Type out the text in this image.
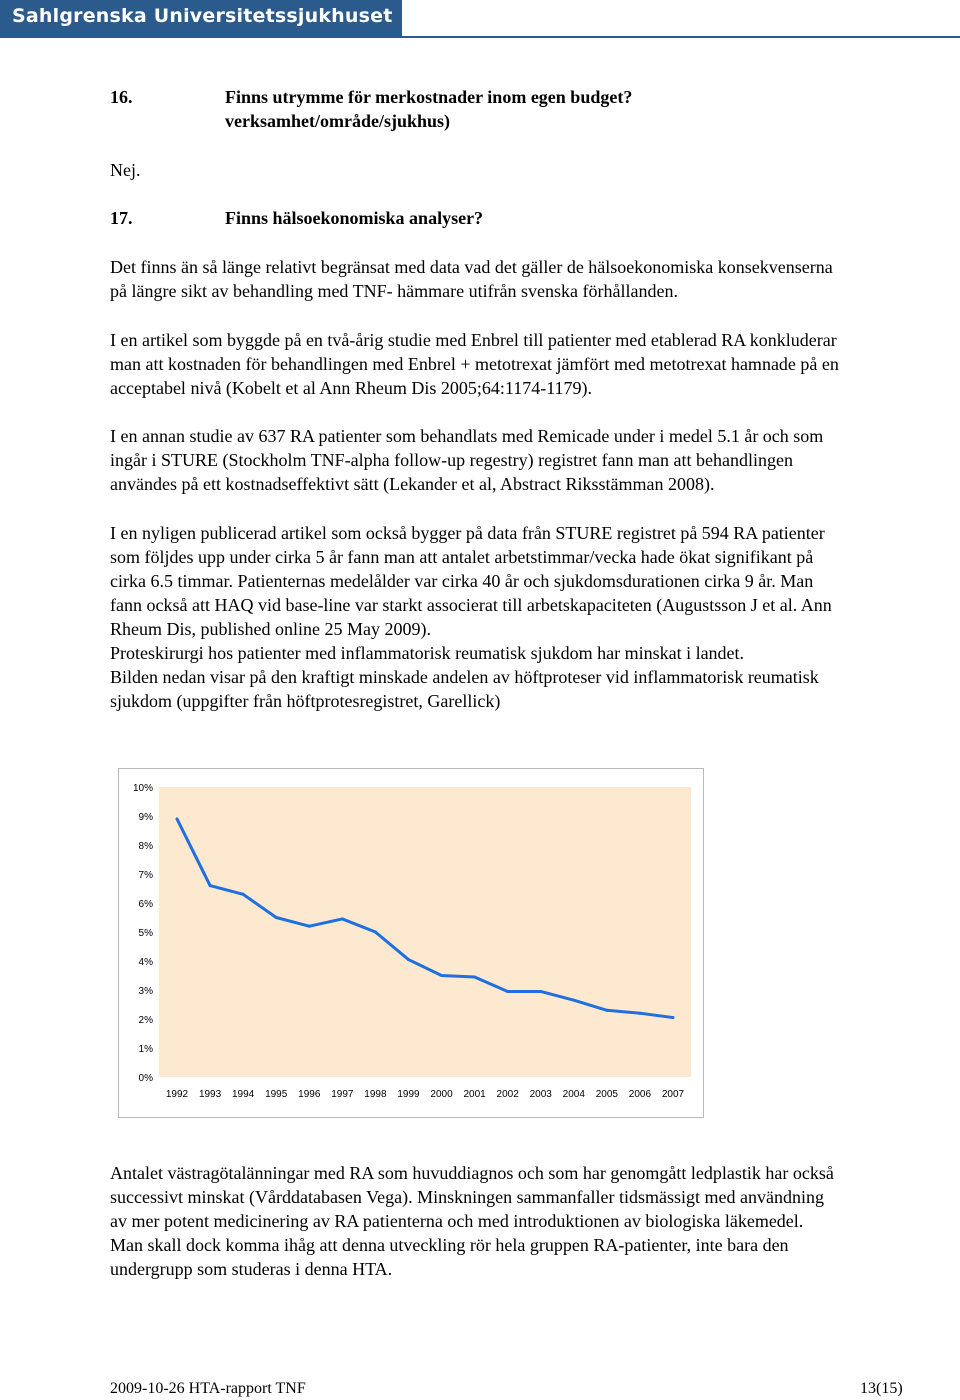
Sahlgrenska Universitetssjukhuset
16.	Finns utrymme för merkostnader inom egen budget?
verksamhet/område/sjukhus)
Nej.
17.	Finns hälsoekonomiska analyser?
Det finns än så länge relativt begränsat med data vad det gäller de hälsoekonomiska konsekvenserna
på längre sikt av behandling med TNF- hämmare utifrån svenska förhållanden.
I en artikel som byggde på en två-årig studie med Enbrel till patienter med etablerad RA konkluderar
man att kostnaden för behandlingen med Enbrel + metotrexat jämfört med metotrexat hamnade på en
acceptabel nivå (Kobelt et al Ann Rheum Dis 2005;64:1174-1179).
I en annan studie av 637 RA patienter som behandlats med Remicade under i medel 5.1 år och som
ingår i STURE (Stockholm TNF-alpha follow-up regestry) registret fann man att behandlingen
användes på ett kostnadseffektivt sätt (Lekander et al, Abstract Riksstämman 2008).
I en nyligen publicerad artikel som också bygger på data från STURE registret på 594 RA patienter
som följdes upp under cirka 5 år fann man att antalet arbetstimmar/vecka hade ökat signifikant på
cirka 6.5 timmar. Patienternas medelålder var cirka 40 år och sjukdomsdurationen cirka 9 år. Man
fann också att HAQ vid base-line var starkt associerat till arbetskapaciteten (Augustsson J et al. Ann
Rheum Dis, published online 25 May 2009).
Proteskirurgi hos patienter med inflammatorisk reumatisk sjukdom har minskat i landet.
Bilden nedan visar på den kraftigt minskade andelen av höftproteser vid inflammatorisk reumatisk
sjukdom (uppgifter från höftprotesregistret, Garellick)
0%
1%
2%
3%
4%
5%
6%
7%
8%
9%
10%
1992 1993 1994 1995 1996 1997 1998 1999 2000 2001 2002 2003 2004 2005 2006 2007
Antalet västragötalänningar med RA som huvuddiagnos och som har genomgått ledplastik har också
successivt minskat (Vårddatabasen Vega). Minskningen sammanfaller tidsmässigt med användning
av mer potent medicinering av RA patienterna och med introduktionen av biologiska läkemedel.
Man skall dock komma ihåg att denna utveckling rör hela gruppen RA-patienter, inte bara den
undergrupp som studeras i denna HTA.
2009-10-26 HTA-rapport TNF	13(15)
